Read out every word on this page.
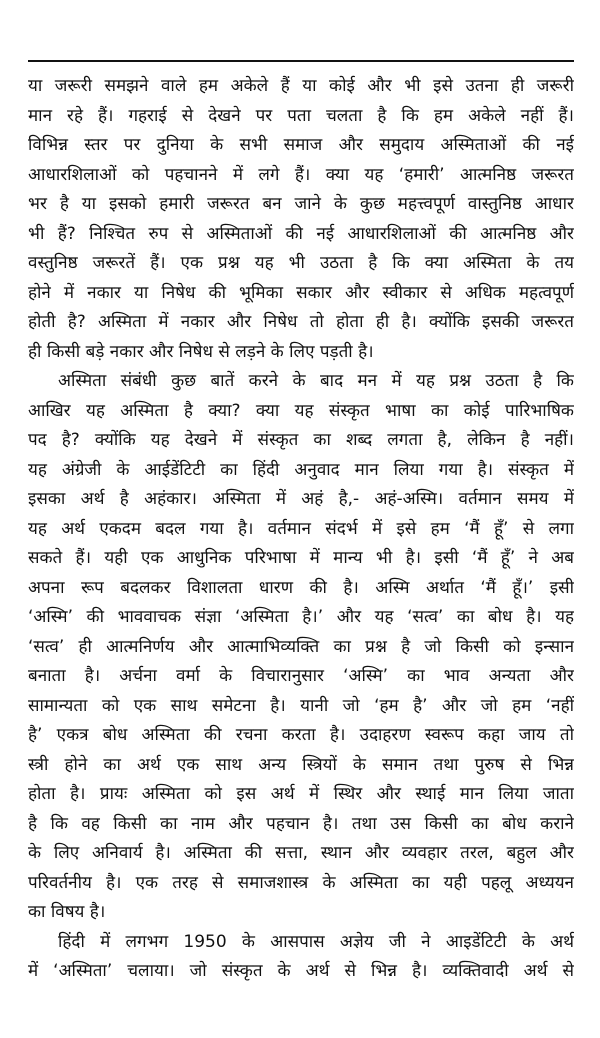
या जरूरी समझने वाले हम अकेले हैं या कोई और भी इसे उतना ही जरूरी
मान रहे हैं। गहराई से देखने पर पता चलता है कि हम अकेले नहीं हैं।
विभिन्न स्तर पर दुनिया के सभी समाज और समुदाय अस्मिताओं की नई
आधारशिलाओं को पहचानने में लगे हैं। क्या यह ‘हमारी’ आत्मनिष्ठ जरूरत
भर है या इसको हमारी जरूरत बन जाने के कुछ महत्त्वपूर्ण वास्तुनिष्ठ आधार
भी हैं? निश्चित रुप से अस्मिताओं की नई आधारशिलाओं की आत्मनिष्ठ और
वस्तुनिष्ठ जरूरतें हैं। एक प्रश्न यह भी उठता है कि क्या अस्मिता के तय
होने में नकार या निषेध की भूमिका सकार और स्वीकार से अधिक महत्वपूर्ण
होती है? अस्मिता में नकार और निषेध तो होता ही है। क्योंकि इसकी जरूरत
ही किसी बड़े नकार और निषेध से लड़ने के लिए पड़ती है।
अस्मिता संबंधी कुछ बातें करने के बाद मन में यह प्रश्न उठता है कि
आखिर यह अस्मिता है क्या? क्या यह संस्कृत भाषा का कोई पारिभाषिक
पद है? क्योंकि यह देखने में संस्कृत का शब्द लगता है, लेकिन है नहीं।
यह अंग्रेजी के आईडेंटिटी का हिंदी अनुवाद मान लिया गया है। संस्कृत में
इसका अर्थ है अहंकार। अस्मिता में अहं है,- अहं-अस्मि। वर्तमान समय में
यह अर्थ एकदम बदल गया है। वर्तमान संदर्भ में इसे हम ‘मैं हूँ’ से लगा
सकते हैं। यही एक आधुनिक परिभाषा में मान्य भी है। इसी ‘मैं हूँ’ ने अब
अपना रूप बदलकर विशालता धारण की है। अस्मि अर्थात ‘मैं हूँ।’ इसी
‘अस्मि’ की भाववाचक संज्ञा ‘अस्मिता है।’ और यह ‘सत्व’ का बोध है। यह
‘सत्व’ ही आत्मनिर्णय और आत्माभिव्यक्ति का प्रश्न है जो किसी को इन्सान
बनाता है। अर्चना वर्मा के विचारानुसार ‘अस्मि’ का भाव अन्यता और
सामान्यता को एक साथ समेटना है। यानी जो ‘हम है’ और जो हम ‘नहीं
है’ एकत्र बोध अस्मिता की रचना करता है। उदाहरण स्वरूप कहा जाय तो
स्त्री होने का अर्थ एक साथ अन्य स्त्रियों के समान तथा पुरुष से भिन्न
होता है। प्रायः अस्मिता को इस अर्थ में स्थिर और स्थाई मान लिया जाता
है कि वह किसी का नाम और पहचान है। तथा उस किसी का बोध कराने
के लिए अनिवार्य है। अस्मिता की सत्ता, स्थान और व्यवहार तरल, बहुल और
परिवर्तनीय है। एक तरह से समाजशास्त्र के अस्मिता का यही पहलू अध्ययन
का विषय है।
हिंदी में लगभग 1950 के आसपास अज्ञेय जी ने आइडेंटिटी के अर्थ
में ‘अस्मिता’ चलाया। जो संस्कृत के अर्थ से भिन्न है। व्यक्तिवादी अर्थ से
